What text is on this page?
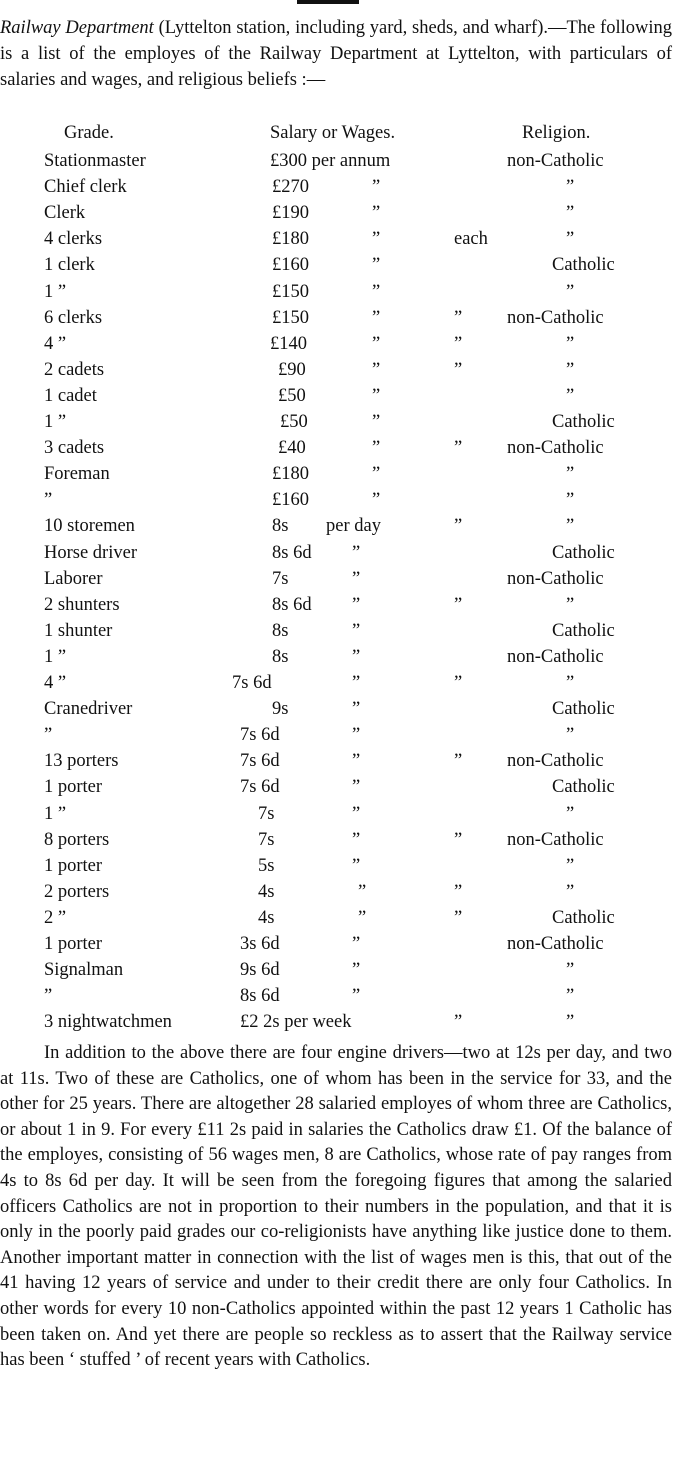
Railway Department (Lyttelton station, including yard, sheds, and wharf).—The following is a list of the employes of the Railway Department at Lyttelton, with particulars of salaries and wages, and religious beliefs :—
Grade.	Salary or Wages.	Religion.
Stationmaster	£300 per annum	non-Catholic
Chief clerk	£270	”	”
Clerk	£190	”	”
4 clerks	£180	”	each	”
1 clerk	£160	”	Catholic
1 ”	£150	”	”
6 clerks	£150	”	” non-Catholic
4 ”	£140	”	”	”
2 cadets	£90	”	”	”
1 cadet	£50	”	”
1 ”	£50	”	Catholic
3 cadets	£40	”	” non-Catholic
Foreman	£180	”	”
”	£160	”	”
10 storemen	8s per day	”	”
Horse driver	8s 6d ”	Catholic
Laborer	7s	”	non-Catholic
2 shunters	8s 6d ”	”	”
1 shunter	8s	”	Catholic
1 ”	8s	”	non-Catholic
4 ”	7s 6d	”	”	”
Cranedriver	9s	”	Catholic
”	7s 6d	”	”
13 porters	7s 6d	”	” non-Catholic
1 porter	7s 6d	”	Catholic
1 ”	7s	”	”
8 porters	7s	”	” non-Catholic
1 porter	5s	”	”
2 porters	4s	”	”	”
2 ”	4s	”	”	Catholic
1 porter	3s 6d	”	non-Catholic
Signalman	9s 6d	”	”
”	8s 6d	”	”
3 nightwatchmen	£2 2s per week	”	”
In addition to the above there are four engine drivers—two at 12s per day, and two at 11s. Two of these are Catholics, one of whom has been in the service for 33, and the other for 25 years. There are altogether 28 salaried employes of whom three are Catholics, or about 1 in 9. For every £11 2s paid in salaries the Catholics draw £1. Of the balance of the employes, consisting of 56 wages men, 8 are Catholics, whose rate of pay ranges from 4s to 8s 6d per day. It will be seen from the foregoing figures that among the salaried officers Catholics are not in proportion to their numbers in the population, and that it is only in the poorly paid grades our co-religionists have anything like justice done to them. Another important matter in connection with the list of wages men is this, that out of the 41 having 12 years of service and under to their credit there are only four Catholics. In other words for every 10 non-Catholics appointed within the past 12 years 1 Catholic has been taken on. And yet there are people so reckless as to assert that the Railway service has been ‘ stuffed ’ of recent years with Catholics.
